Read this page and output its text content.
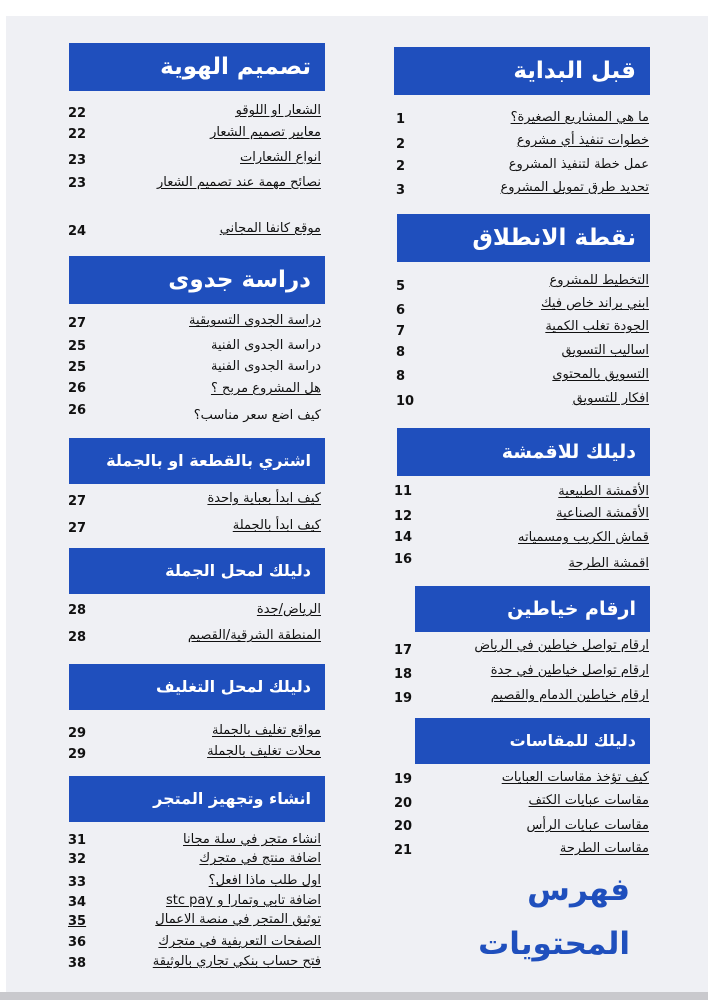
قبل البداية
ما هي المشاريع الصغيرة؟
1
خطوات تنفيذ أي مشروع
2
عمل خطة لتنفيذ المشروع
2
تحديد طرق تمويل المشروع
3
نقطة الانطلاق
التخطيط للمشروع
5
ابني براند خاص فيك
6
الجودة تغلب الكمية
7
اساليب التسويق
8
التسويق بالمحتوى
8
افكار للتسويق
10
دليلك للاقمشة
الأقمشة الطبيعية
11
الأقمشة الصناعية
12
قماش الكريب ومسمياته
14
اقمشة الطرحة
16
ارقام خياطين
ارقام تواصل خياطين في الرياض
17
ارقام تواصل خياطين في جدة
18
ارقام خياطين الدمام والقصيم
19
دليلك للمقاسات
كيف تؤخذ مقاسات العبايات
19
مقاسات عبايات الكتف
20
مقاسات عبايات الرأس
20
مقاسات الطرحة
21
فهرس
المحتويات
تصميم الهوية
الشعار او اللوقو
22
معايير تصميم الشعار
22
انواع الشعارات
23
نصائح مهمة عند تصميم الشعار
23
موقع كانفا المجاني
24
دراسة جدوى
دراسة الجدوى التسويقية
27
دراسة الجدوى الفنية
25
دراسة الجدوى الفنية
25
هل المشروع مربح ؟
26
كيف اضع سعر مناسب؟
26
اشتري بالقطعة او بالجملة
كيف ابدأ بعباية واحدة
27
كيف ابدأ بالجملة
27
دليلك لمحل الجملة
الرياض/جدة
28
المنطقة الشرقية/القصيم
28
دليلك لمحل التغليف
مواقع تغليف بالجملة
29
محلات تغليف بالجملة
29
انشاء وتجهيز المتجر
انشاء متجر في سلة مجانا
31
اضافة منتج في متجرك
32
اول طلب ماذا افعل؟
33
اضافة تابي وتمارا و stc pay
34
توثيق المتجر في منصة الاعمال
35
الصفحات التعريفية في متجرك
36
فتح حساب بنكي تجاري بالوثيقة
38
